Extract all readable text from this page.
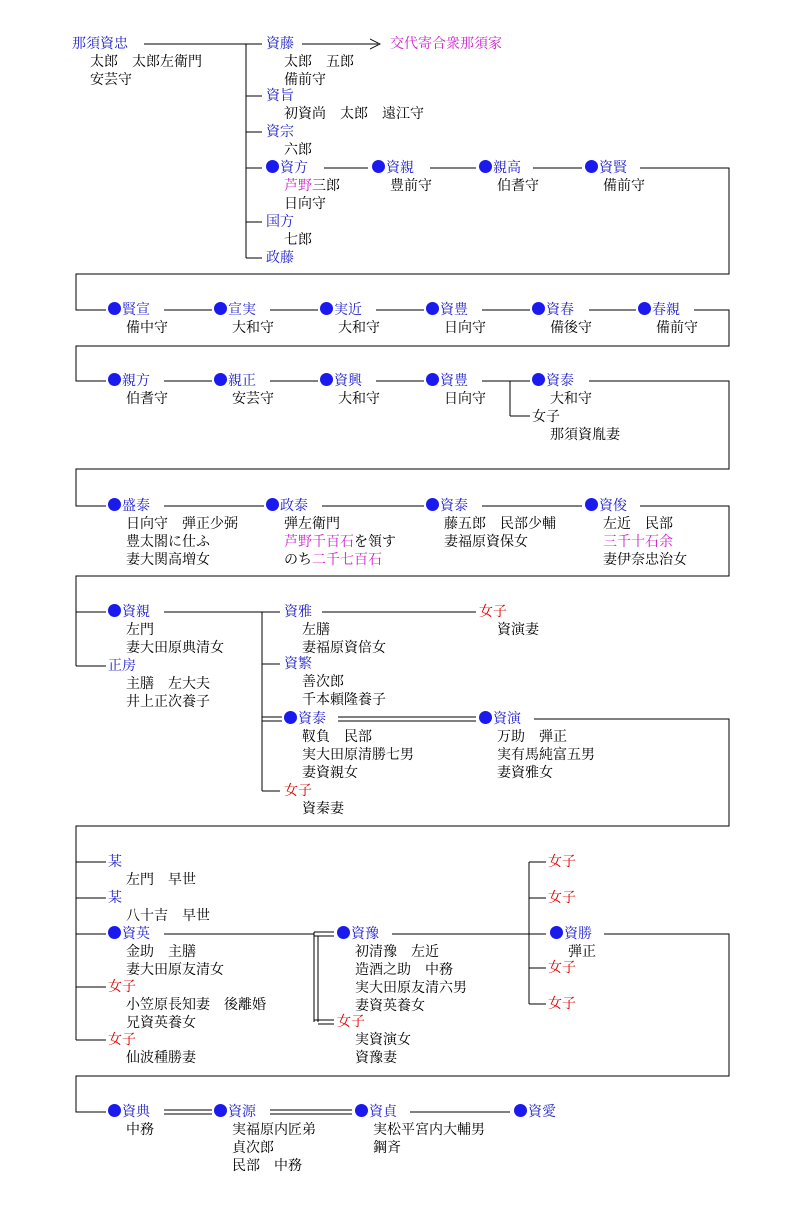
那須資忠
太郎　太郎左衛門
安芸守
資藤
太郎　五郎
備前守
交代寄合衆那須家
資旨
初資尚　太郎　遠江守
資宗
六郎
資方
芦野三郎
日向守
国方
七郎
政藤
資親
豊前守
親高
伯耆守
資賢
備前守
賢宣
備中守
宣実
大和守
実近
大和守
資豊
日向守
資春
備後守
春親
備前守
親方
伯耆守
親正
安芸守
資興
大和守
資豊
日向守
資泰
大和守
女子
那須資胤妻
盛泰
日向守　弾正少弼
豊太閤に仕ふ
妻大関高増女
政泰
弾左衛門
芦野千百石を領す
のち二千七百石
資泰
藤五郎　民部少輔
妻福原資保女
資俊
左近　民部
三千十石余
妻伊奈忠治女
資親
左門
妻大田原典清女
正房
主膳　左大夫
井上正次養子
資雅
左膳
妻福原資倍女
資繁
善次郎
千本頼隆養子
資泰
靫負　民部
実大田原清勝七男
妻資親女
女子
資秦妻
女子
資演妻
資演
万助　弾正
実有馬純富五男
妻資雅女
某
左門　早世
某
八十吉　早世
資英
金助　主膳
妻大田原友清女
女子
小笠原長知妻　後離婚
兄資英養女
女子
仙波種勝妻
資豫
初清豫　左近
造酒之助　中務
実大田原友清六男
妻資英養女
女子
実資演女
資豫妻
女子
女子
資勝
弾正
女子
女子
資典
中務
資源
実福原内匠弟
貞次郎
民部　中務
資貞
実松平宮内大輔男
鋼斉
資愛
